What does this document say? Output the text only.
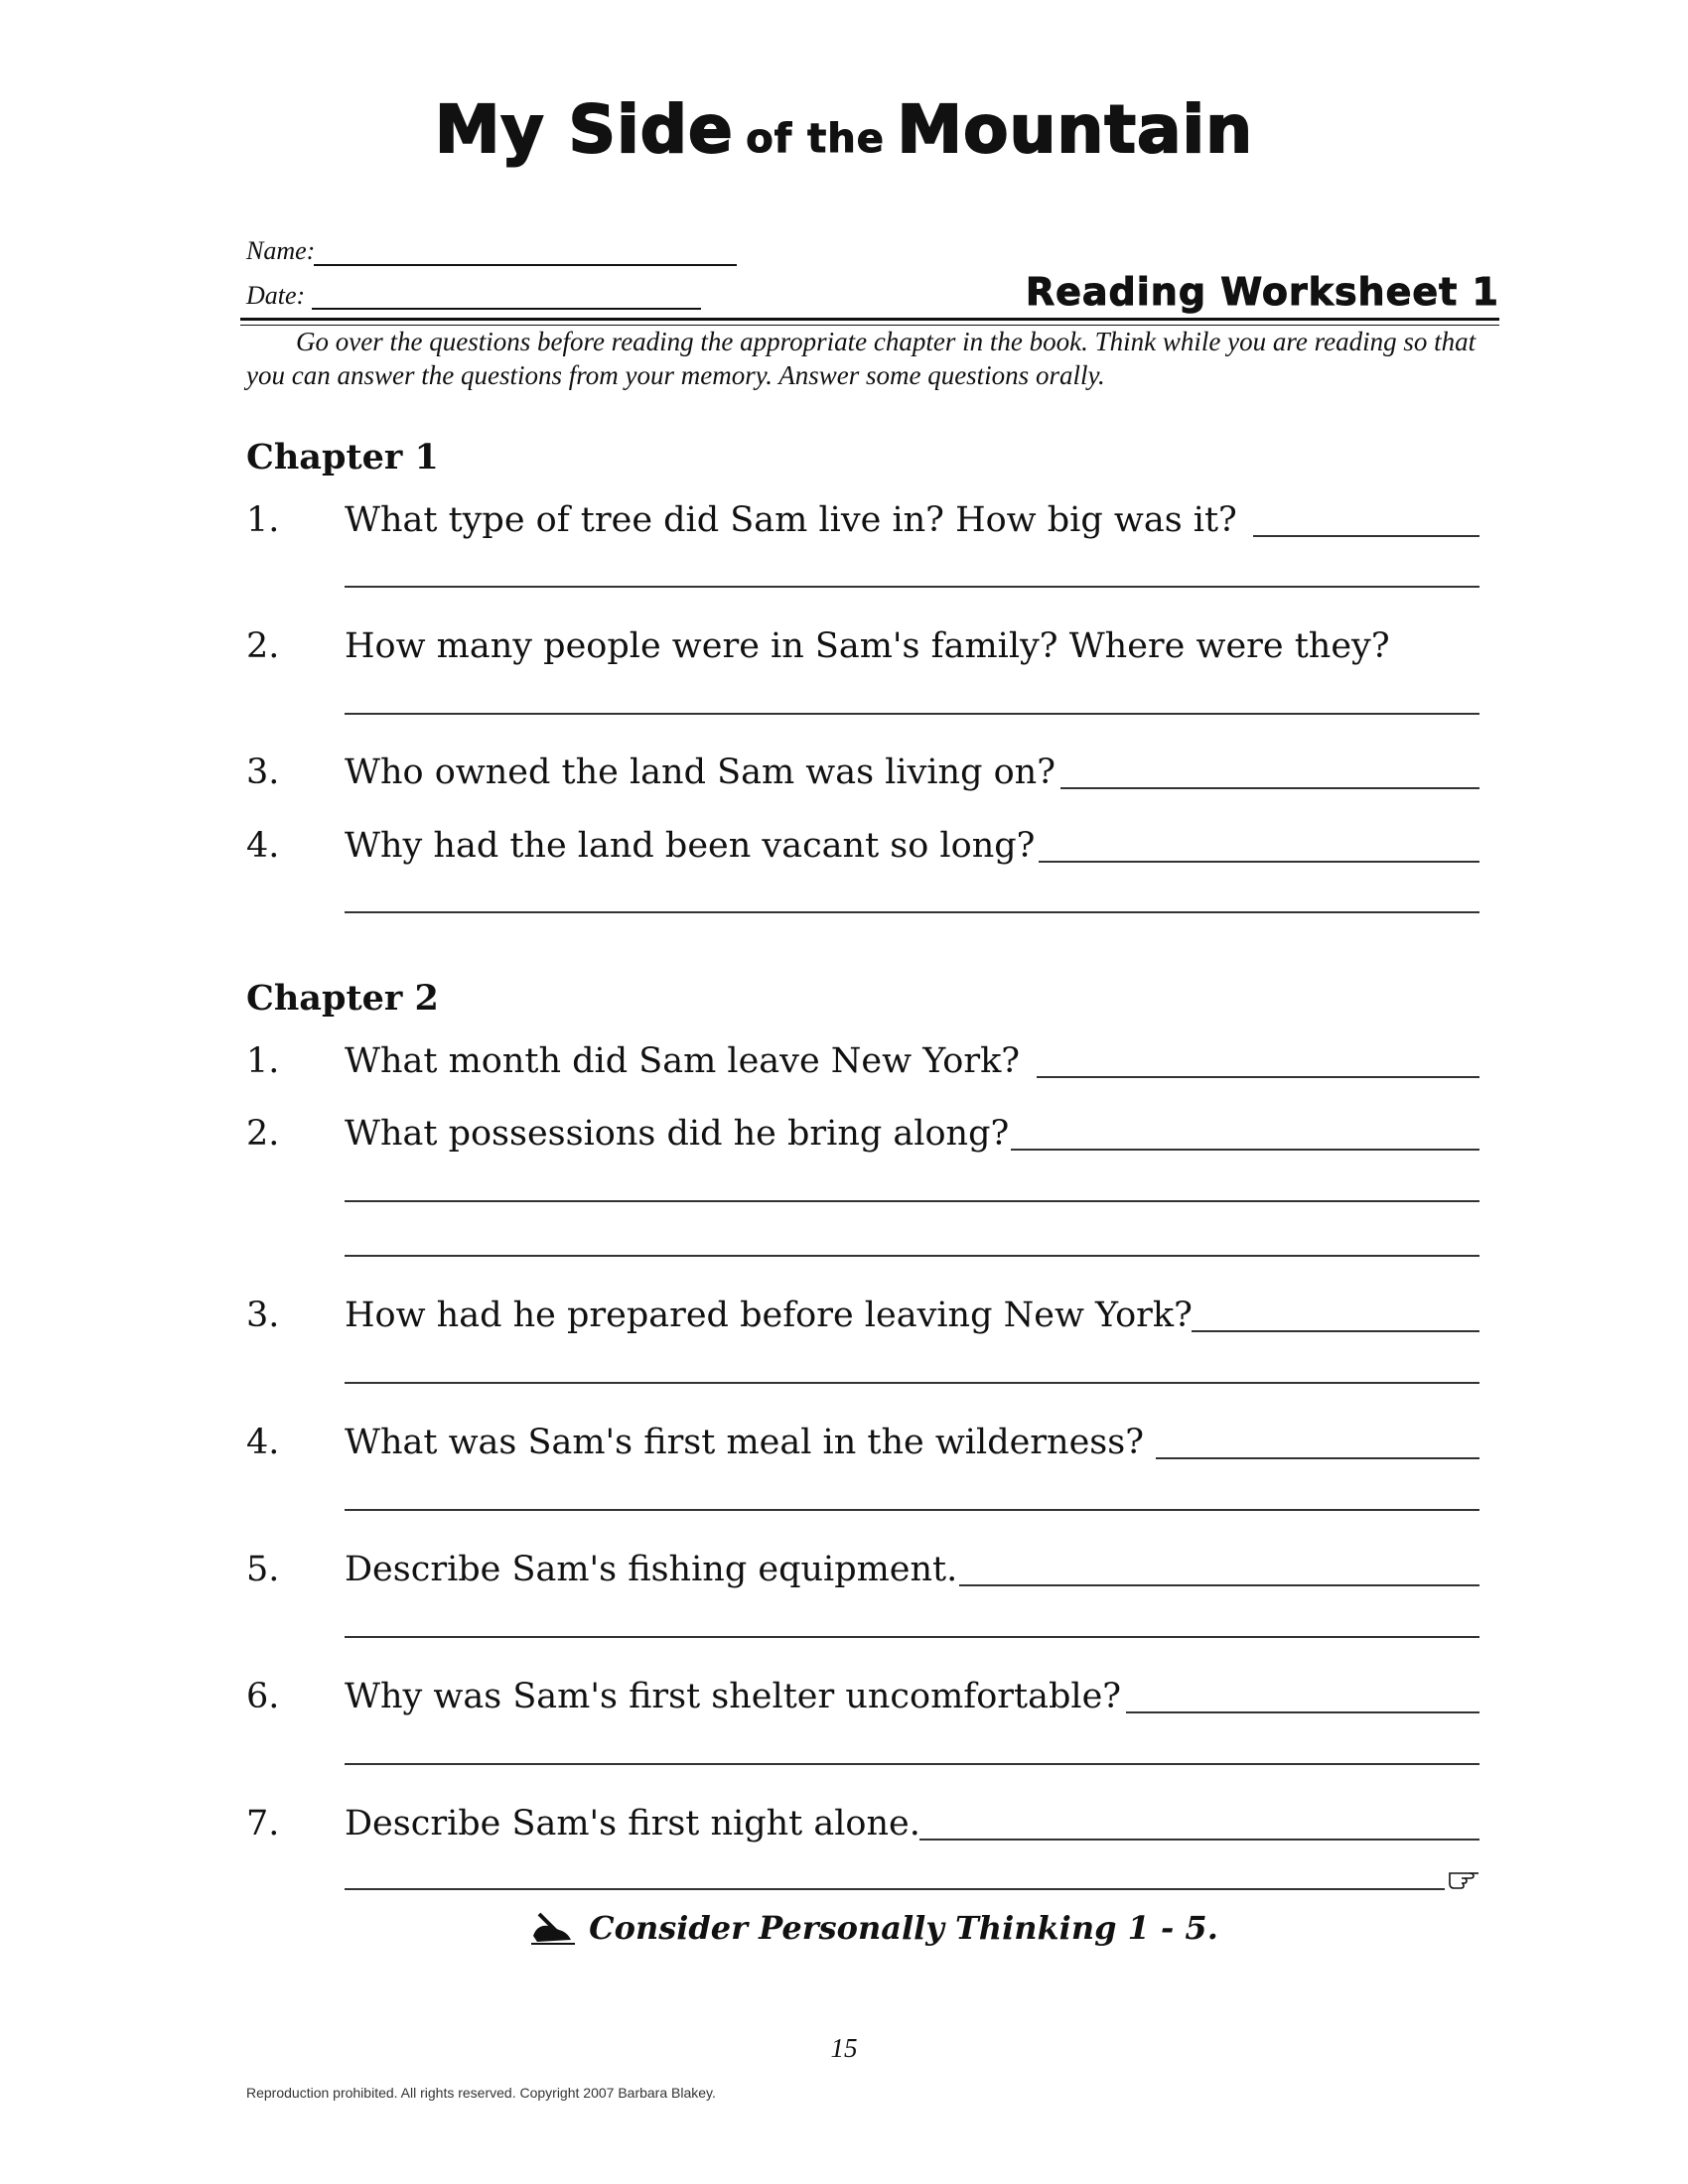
My Side of the Mountain
Name:
Date:	Reading Worksheet 1
Go over the questions before reading the appropriate chapter in the book. Think while you are reading so that you can answer the questions from your memory. Answer some questions orally.
Chapter 1
1. What type of tree did Sam live in? How big was it?
2. How many people were in Sam's family? Where were they?
3. Who owned the land Sam was living on?
4. Why had the land been vacant so long?
Chapter 2
1. What month did Sam leave New York?
2. What possessions did he bring along?
3. How had he prepared before leaving New York?
4. What was Sam's first meal in the wilderness?
5. Describe Sam's fishing equipment.
6. Why was Sam's first shelter uncomfortable?
7. Describe Sam's first night alone.
Consider Personally Thinking 1 - 5.
15
Reproduction prohibited. All rights reserved. Copyright 2007 Barbara Blakey.
